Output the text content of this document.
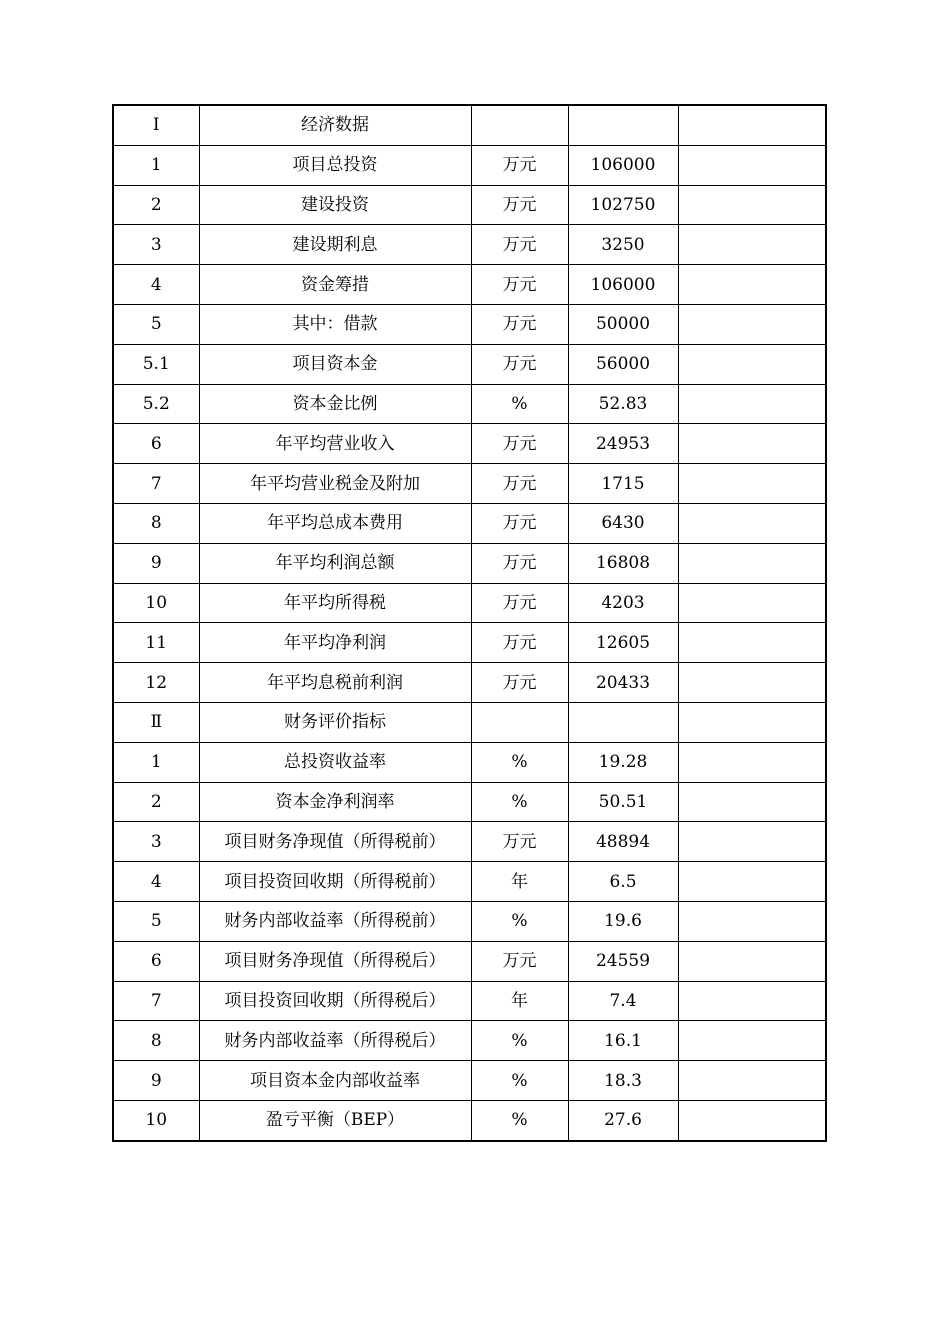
Ⅰ	经济数据			
1	项目总投资	万元	106000	
2	建设投资	万元	102750	
3	建设期利息	万元	3250	
4	资金筹措	万元	106000	
5	其中：借款	万元	50000	
5.1	项目资本金	万元	56000	
5.2	资本金比例	%	52.83	
6	年平均营业收入	万元	24953	
7	年平均营业税金及附加	万元	1715	
8	年平均总成本费用	万元	6430	
9	年平均利润总额	万元	16808	
10	年平均所得税	万元	4203	
11	年平均净利润	万元	12605	
12	年平均息税前利润	万元	20433	
Ⅱ	财务评价指标			
1	总投资收益率	%	19.28	
2	资本金净利润率	%	50.51	
3	项目财务净现值（所得税前）	万元	48894	
4	项目投资回收期（所得税前）	年	6.5	
5	财务内部收益率（所得税前）	%	19.6	
6	项目财务净现值（所得税后）	万元	24559	
7	项目投资回收期（所得税后）	年	7.4	
8	财务内部收益率（所得税后）	%	16.1	
9	项目资本金内部收益率	%	18.3	
10	盈亏平衡（BEP）	%	27.6	
